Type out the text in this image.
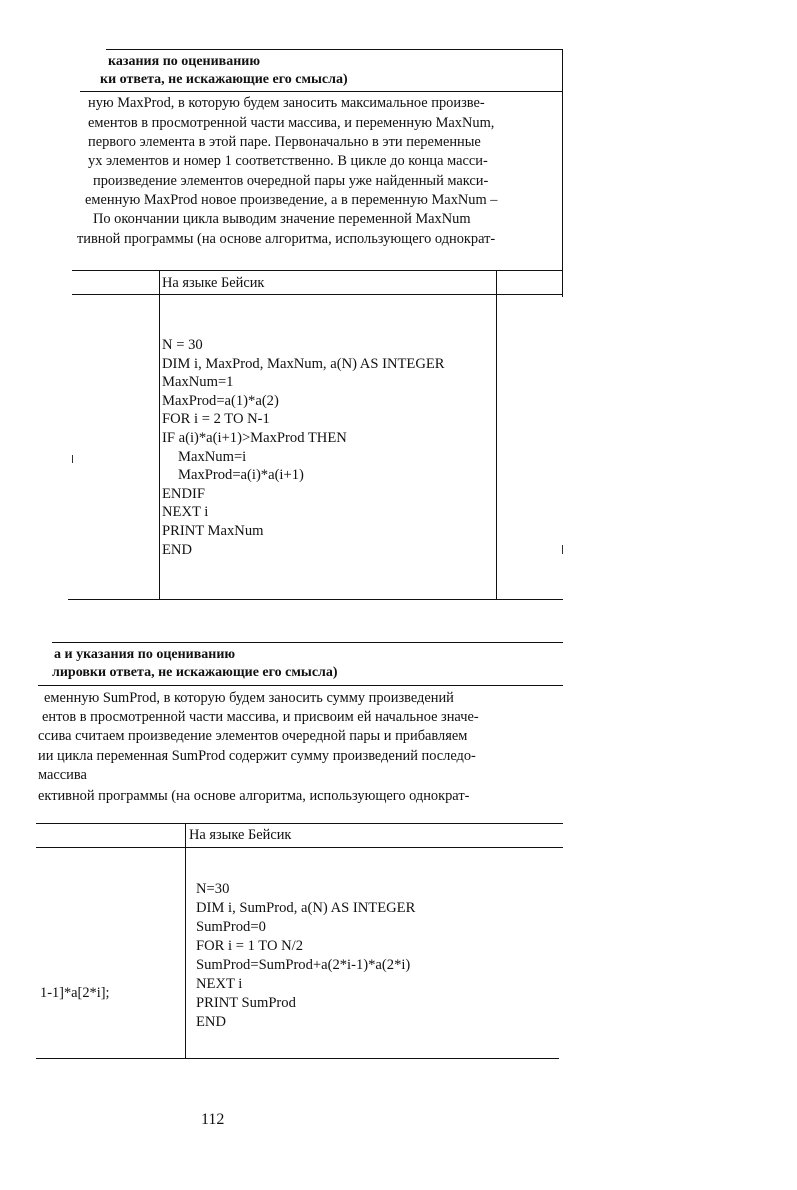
казания по оцениванию
ки ответа, не искажающие его смысла)
ную MaxProd, в которую будем заносить максимальное произве-
ементов в просмотренной части массива, и переменную MaxNum,
первого элемента в этой паре. Первоначально в эти переменные
ух элементов и номер 1 соответственно. В цикле до конца масси-
произведение элементов очередной пары уже найденный макси-
еменную MaxProd новое произведение, а в переменную MaxNum –
По окончании цикла выводим значение переменной MaxNum
тивной программы (на основе алгоритма, использующего однократ-
На языке Бейсик
N = 30
DIM i, MaxProd, MaxNum, a(N) AS INTEGER
MaxNum=1
MaxProd=a(1)*a(2)
FOR i = 2 TO N-1
IF a(i)*a(i+1)>MaxProd THEN
MaxNum=i
MaxProd=a(i)*a(i+1)
ENDIF
NEXT i
PRINT MaxNum
END
а и указания по оцениванию
лировки ответа, не искажающие его смысла)
еменную SumProd, в которую будем заносить сумму произведений
ентов в просмотренной части массива, и присвоим ей начальное значе-
ссива считаем произведение элементов очередной пары и прибавляем
ии цикла переменная SumProd содержит сумму произведений последо-
массива
ективной программы (на основе алгоритма, использующего однократ-
На языке Бейсик
1-1]*a[2*i];
N=30
DIM i, SumProd, a(N) AS INTEGER
SumProd=0
FOR i = 1 TO N/2
SumProd=SumProd+a(2*i-1)*a(2*i)
NEXT i
PRINT SumProd
END
112
